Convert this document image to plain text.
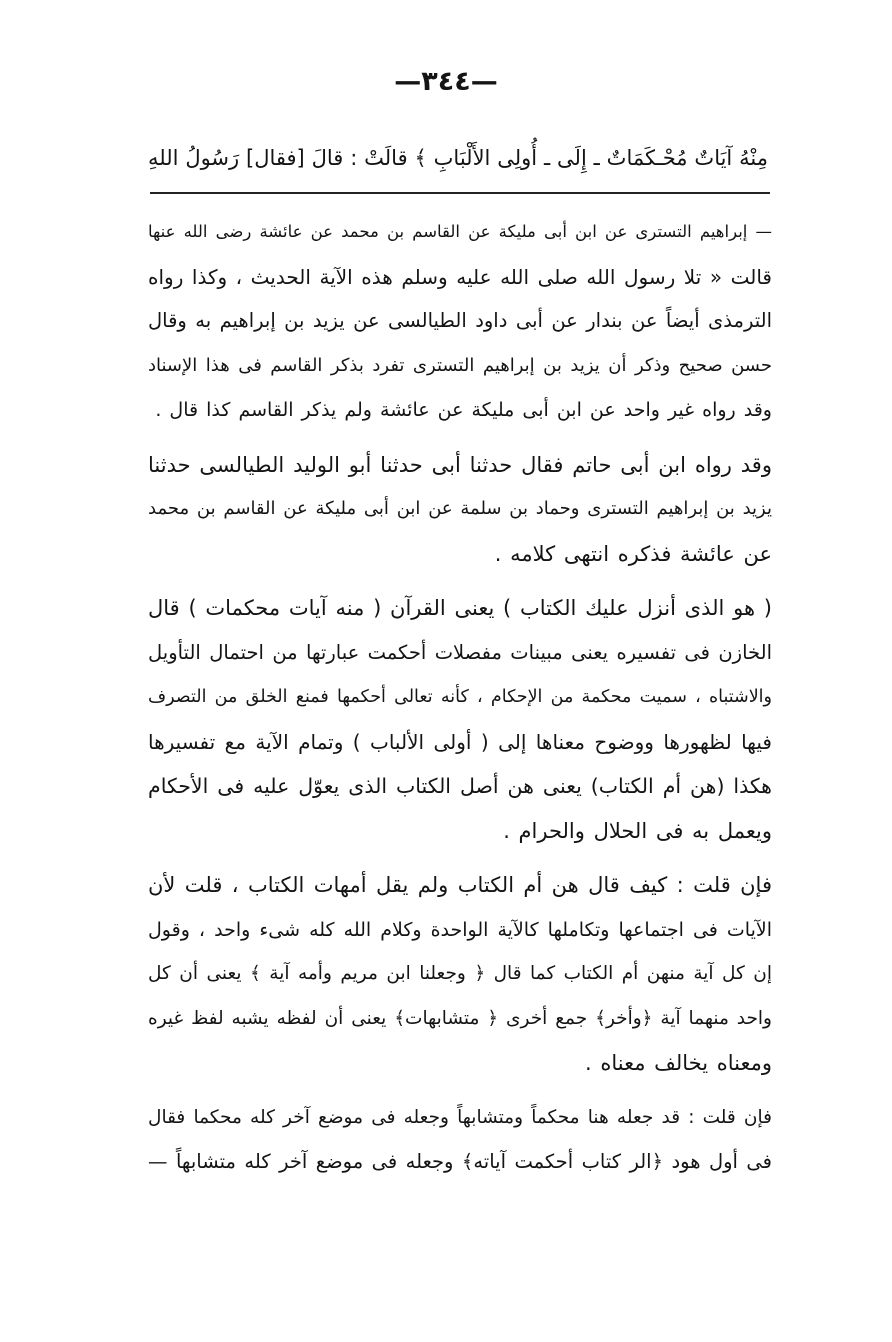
—٣٤٤—
مِنْهُ آيَاتٌ مُحْـكَمَاتٌ ـ إِلَى ـ أُولِى الأَلْبَابِ ﴾ قالَتْ : قالَ [فقال] رَسُولُ اللهِ
— إبراهيم التسترى عن ابن أبى مليكة عن القاسم بن محمد عن عائشة رضى الله عنها
قالت « تلا رسول الله صلى الله عليه وسلم هذه الآية الحديث ، وكذا رواه
الترمذى أيضاً عن بندار عن أبى داود الطيالسى عن يزيد بن إبراهيم به وقال
حسن صحيح وذكر أن يزيد بن إبراهيم التسترى تفرد بذكر القاسم فى هذا الإسناد
وقد رواه غير واحد عن ابن أبى مليكة عن عائشة ولم يذكر القاسم كذا قال .
وقد رواه ابن أبى حاتم فقال حدثنا أبى حدثنا أبو الوليد الطيالسى حدثنا
يزيد بن إبراهيم التسترى وحماد بن سلمة عن ابن أبى مليكة عن القاسم بن محمد
عن عائشة فذكره انتهى كلامه .
( هو الذى أنزل عليك الكتاب ) يعنى القرآن ( منه آيات محكمات ) قال
الخازن فى تفسيره يعنى مبينات مفصلات أحكمت عبارتها من احتمال التأويل
والاشتباه ، سميت محكمة من الإحكام ، كأنه تعالى أحكمها فمنع الخلق من التصرف
فيها لظهورها ووضوح معناها إلى ( أولى الألباب ) وتمام الآية مع تفسيرها
هكذا (هن أم الكتاب) يعنى هن أصل الكتاب الذى يعوّل عليه فى الأحكام
ويعمل به فى الحلال والحرام .
فإن قلت : كيف قال هن أم الكتاب ولم يقل أمهات الكتاب ، قلت لأن
الآيات فى اجتماعها وتكاملها كالآية الواحدة وكلام الله كله شىء واحد ، وقول
إن كل آية منهن أم الكتاب كما قال ﴿ وجعلنا ابن مريم وأمه آية ﴾ يعنى أن كل
واحد منهما آية ﴿وأخر﴾ جمع أخرى ﴿ متشابهات﴾ يعنى أن لفظه يشبه لفظ غيره
ومعناه يخالف معناه .
فإن قلت : قد جعله هنا محكماً ومتشابهاً وجعله فى موضع آخر كله محكما فقال
فى أول هود ﴿الر كتاب أحكمت آياته﴾ وجعله فى موضع آخر كله متشابهاً —
